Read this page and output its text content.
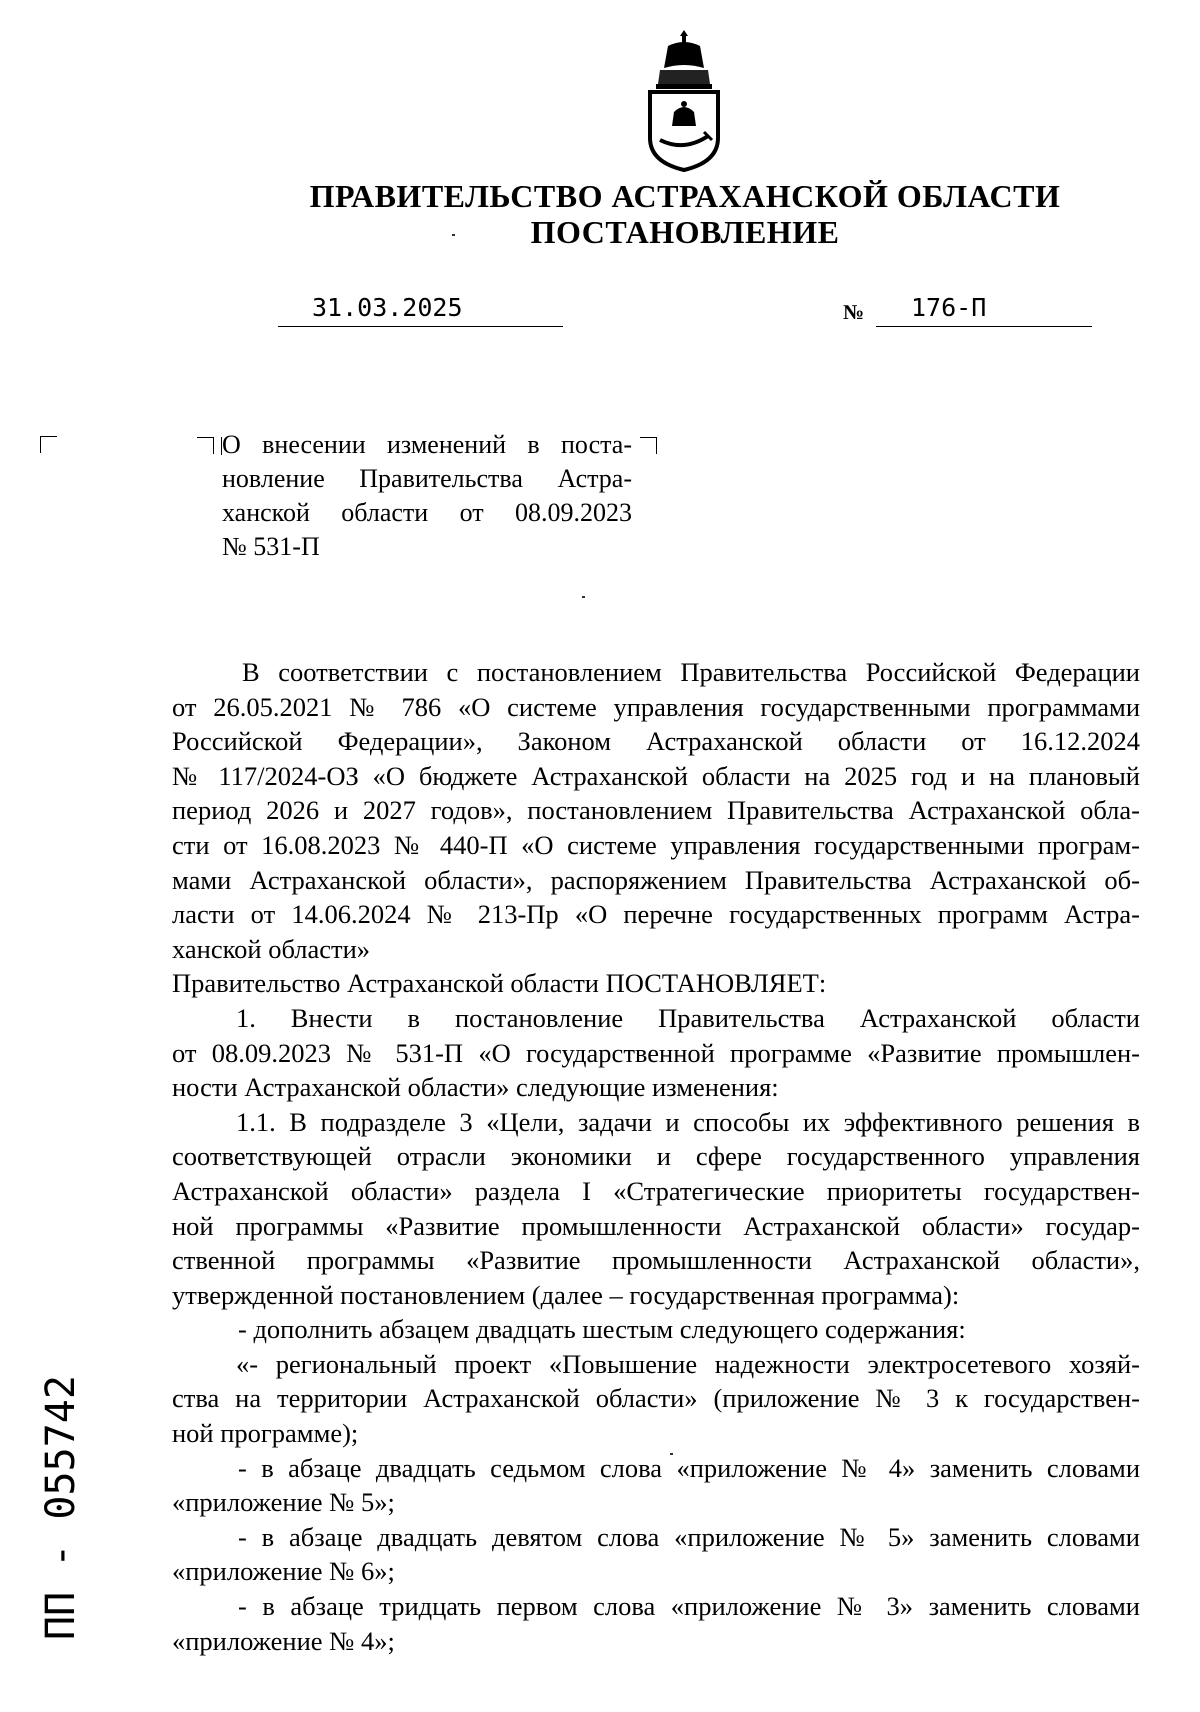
ПРАВИТЕЛЬСТВО АСТРАХАНСКОЙ ОБЛАСТИ
ПОСТАНОВЛЕНИЕ
31.03.2025	№	176-П
О внесении изменений в поста-
новление Правительства Астра-
ханской области от 08.09.2023
№ 531-П
В соответствии с постановлением Правительства Российской Федерации
от 26.05.2021 № 786 «О системе управления государственными программами
Российской Федерации», Законом Астраханской области от 16.12.2024
№ 117/2024-ОЗ «О бюджете Астраханской области на 2025 год и на плановый
период 2026 и 2027 годов», постановлением Правительства Астраханской обла-
сти от 16.08.2023 № 440-П «О системе управления государственными програм-
мами Астраханской области», распоряжением Правительства Астраханской об-
ласти от 14.06.2024 № 213-Пр «О перечне государственных программ Астра-
ханской области»
Правительство Астраханской области ПОСТАНОВЛЯЕТ:
1. Внести в постановление Правительства Астраханской области
от 08.09.2023 № 531-П «О государственной программе «Развитие промышлен-
ности Астраханской области» следующие изменения:
1.1. В подразделе 3 «Цели, задачи и способы их эффективного решения в
соответствующей отрасли экономики и сфере государственного управления
Астраханской области» раздела I «Стратегические приоритеты государствен-
ной программы «Развитие промышленности Астраханской области» государ-
ственной программы «Развитие промышленности Астраханской области»,
утвержденной постановлением (далее – государственная программа):
- дополнить абзацем двадцать шестым следующего содержания:
«- региональный проект «Повышение надежности электросетевого хозяй-
ства на территории Астраханской области» (приложение № 3 к государствен-
ной программе);
- в абзаце двадцать седьмом слова «приложение № 4» заменить словами
«приложение № 5»;
- в абзаце двадцать девятом слова «приложение № 5» заменить словами
«приложение № 6»;
- в абзаце тридцать первом слова «приложение № 3» заменить словами
«приложение № 4»;
ПП - 055742
